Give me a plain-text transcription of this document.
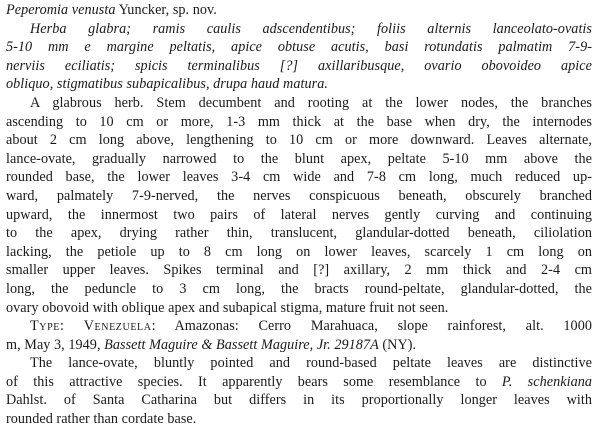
Peperomia venusta Yuncker, sp. nov.
Herba glabra; ramis caulis adscendentibus; foliis alternis lanceolato-ovatis
5-10 mm e margine peltatis, apice obtuse acutis, basi rotundatis palmatim 7-9-
nerviis eciliatis; spicis terminalibus [?] axillaribusque, ovario obovoideo apice
obliquo, stigmatibus subapicalibus, drupa haud matura.
A glabrous herb. Stem decumbent and rooting at the lower nodes, the branches
ascending to 10 cm or more, 1-3 mm thick at the base when dry, the internodes
about 2 cm long above, lengthening to 10 cm or more downward. Leaves alternate,
lance-ovate, gradually narrowed to the blunt apex, peltate 5-10 mm above the
rounded base, the lower leaves 3-4 cm wide and 7-8 cm long, much reduced up-
ward, palmately 7-9-nerved, the nerves conspicuous beneath, obscurely branched
upward, the innermost two pairs of lateral nerves gently curving and continuing
to the apex, drying rather thin, translucent, glandular-dotted beneath, ciliolation
lacking, the petiole up to 8 cm long on lower leaves, scarcely 1 cm long on
smaller upper leaves. Spikes terminal and [?] axillary, 2 mm thick and 2-4 cm
long, the peduncle to 3 cm long, the bracts round-peltate, glandular-dotted, the
ovary obovoid with oblique apex and subapical stigma, mature fruit not seen.
Type: Venezuela: Amazonas: Cerro Marahuaca, slope rainforest, alt. 1000
m, May 3, 1949, Bassett Maguire & Bassett Maguire, Jr. 29187A (NY).
The lance-ovate, bluntly pointed and round-based peltate leaves are distinctive
of this attractive species. It apparently bears some resemblance to P. schenkiana
Dahlst. of Santa Catharina but differs in its proportionally longer leaves with
rounded rather than cordate base.
